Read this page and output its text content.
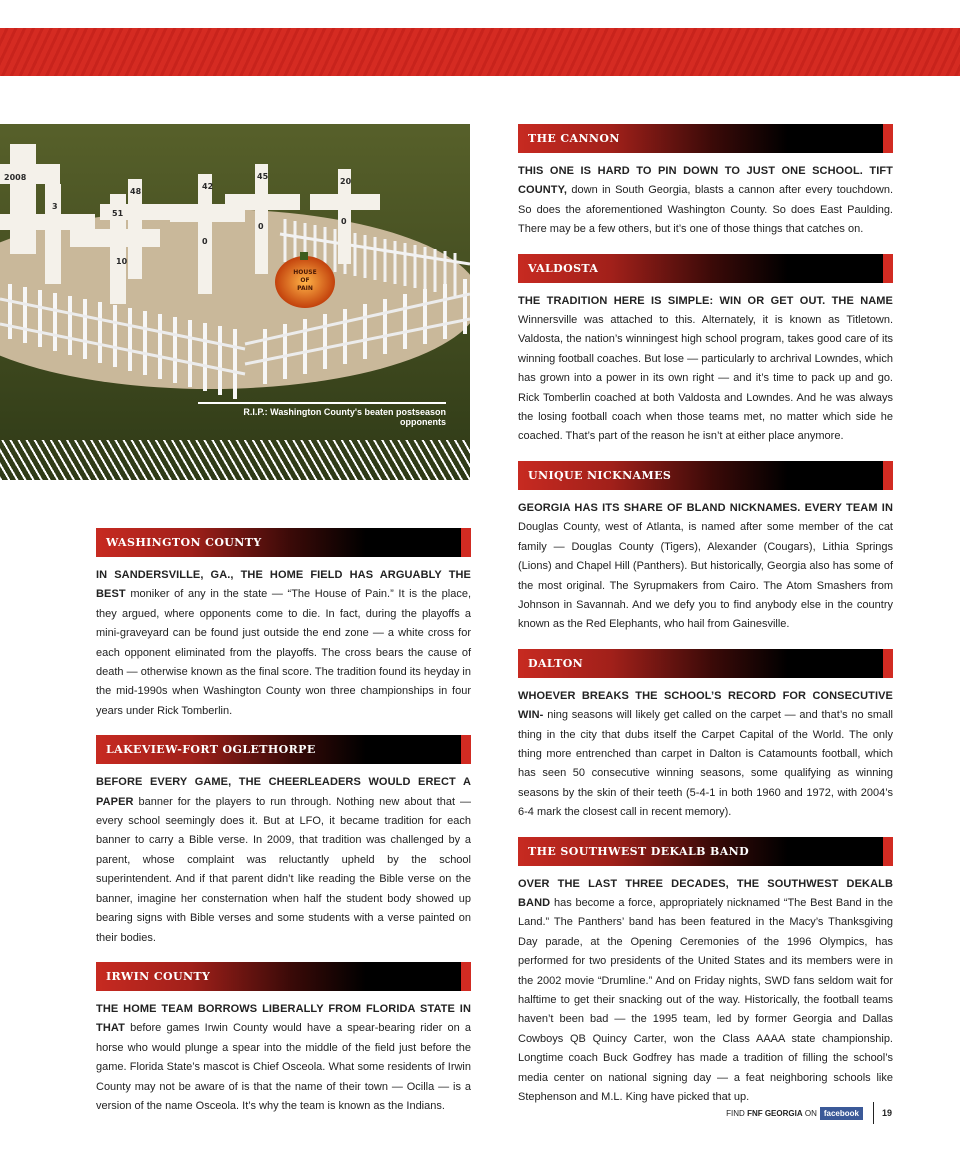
2008
3
10
48
51
42
0
45
0
20
0
HOUSE
OF
PAIN
R.I.P.: Washington County's beaten postseason opponents
WASHINGTON COUNTY

IN SANDERSVILLE, GA., THE HOME FIELD HAS ARGUABLY THE BEST moniker of any in the state — “The House of Pain.” It is the place, they argued, where opponents come to die. In fact, during the playoffs a mini-graveyard can be found just outside the end zone — a white cross for each opponent eliminated from the playoffs. The cross bears the cause of death — otherwise known as the final score. The tradition found its heyday in the mid-1990s when Washington County won three championships in four years under Rick Tomberlin.

LAKEVIEW-FORT OGLETHORPE

BEFORE EVERY GAME, THE CHEERLEADERS WOULD ERECT A PAPER banner for the players to run through. Nothing new about that — every school seemingly does it. But at LFO, it became tradition for each banner to carry a Bible verse. In 2009, that tradition was challenged by a parent, whose complaint was reluctantly upheld by the school superintendent. And if that parent didn’t like reading the Bible verse on the banner, imagine her consternation when half the student body showed up bearing signs with Bible verses and some students with a verse painted on their bodies.

IRWIN COUNTY

THE HOME TEAM BORROWS LIBERALLY FROM FLORIDA STATE IN THAT before games Irwin County would have a spear-bearing rider on a horse who would plunge a spear into the middle of the field just before the game. Florida State’s mascot is Chief Osceola. What some residents of Irwin County may not be aware of is that the name of their town — Ocilla — is a version of the name Osceola. It’s why the team is known as the Indians.

THE CANNON

THIS ONE IS HARD TO PIN DOWN TO JUST ONE SCHOOL. TIFT COUNTY, down in South Georgia, blasts a cannon after every touchdown. So does the aforementioned Washington County. So does East Paulding. There may be a few others, but it’s one of those things that catches on.

VALDOSTA

THE TRADITION HERE IS SIMPLE: WIN OR GET OUT. THE NAME Winnersville was attached to this. Alternately, it is known as Titletown. Valdosta, the nation’s winningest high school program, takes good care of its winning football coaches. But lose — particularly to archrival Lowndes, which has grown into a power in its own right — and it’s time to pack up and go. Rick Tomberlin coached at both Valdosta and Lowndes. And he was always the losing football coach when those teams met, no matter which side he coached. That’s part of the reason he isn’t at either place anymore.

UNIQUE NICKNAMES

GEORGIA HAS ITS SHARE OF BLAND NICKNAMES. EVERY TEAM IN Douglas County, west of Atlanta, is named after some member of the cat family — Douglas County (Tigers), Alexander (Cougars), Lithia Springs (Lions) and Chapel Hill (Panthers). But historically, Georgia also has some of the most original. The Syrupmakers from Cairo. The Atom Smashers from Johnson in Savannah. And we defy you to find anybody else in the country known as the Red Elephants, who hail from Gainesville.

DALTON

WHOEVER BREAKS THE SCHOOL’S RECORD FOR CONSECUTIVE WIN- ning seasons will likely get called on the carpet — and that’s no small thing in the city that dubs itself the Carpet Capital of the World. The only thing more entrenched than carpet in Dalton is Catamounts football, which has seen 50 consecutive winning seasons, some qualifying as winning seasons by the skin of their teeth (5-4-1 in both 1960 and 1972, with 2004’s 6-4 mark the closest call in recent memory).

THE SOUTHWEST DEKALB BAND

OVER THE LAST THREE DECADES, THE SOUTHWEST DEKALB BAND has become a force, appropriately nicknamed “The Best Band in the Land.” The Panthers’ band has been featured in the Macy’s Thanksgiving Day parade, at the Opening Ceremonies of the 1996 Olympics, has performed for two presidents of the United States and its members were in the 2002 movie “Drumline.” And on Friday nights, SWD fans seldom wait for halftime to get their snacking out of the way. Historically, the football teams haven’t been bad — the 1995 team, led by former Georgia and Dallas Cowboys QB Quincy Carter, won the Class AAAA state championship. Longtime coach Buck Godfrey has made a tradition of filling the school’s media center on national signing day — a feat neighboring schools like Stephenson and M.L. King have picked that up.

FIND FNF GEORGIA ON facebook	19
